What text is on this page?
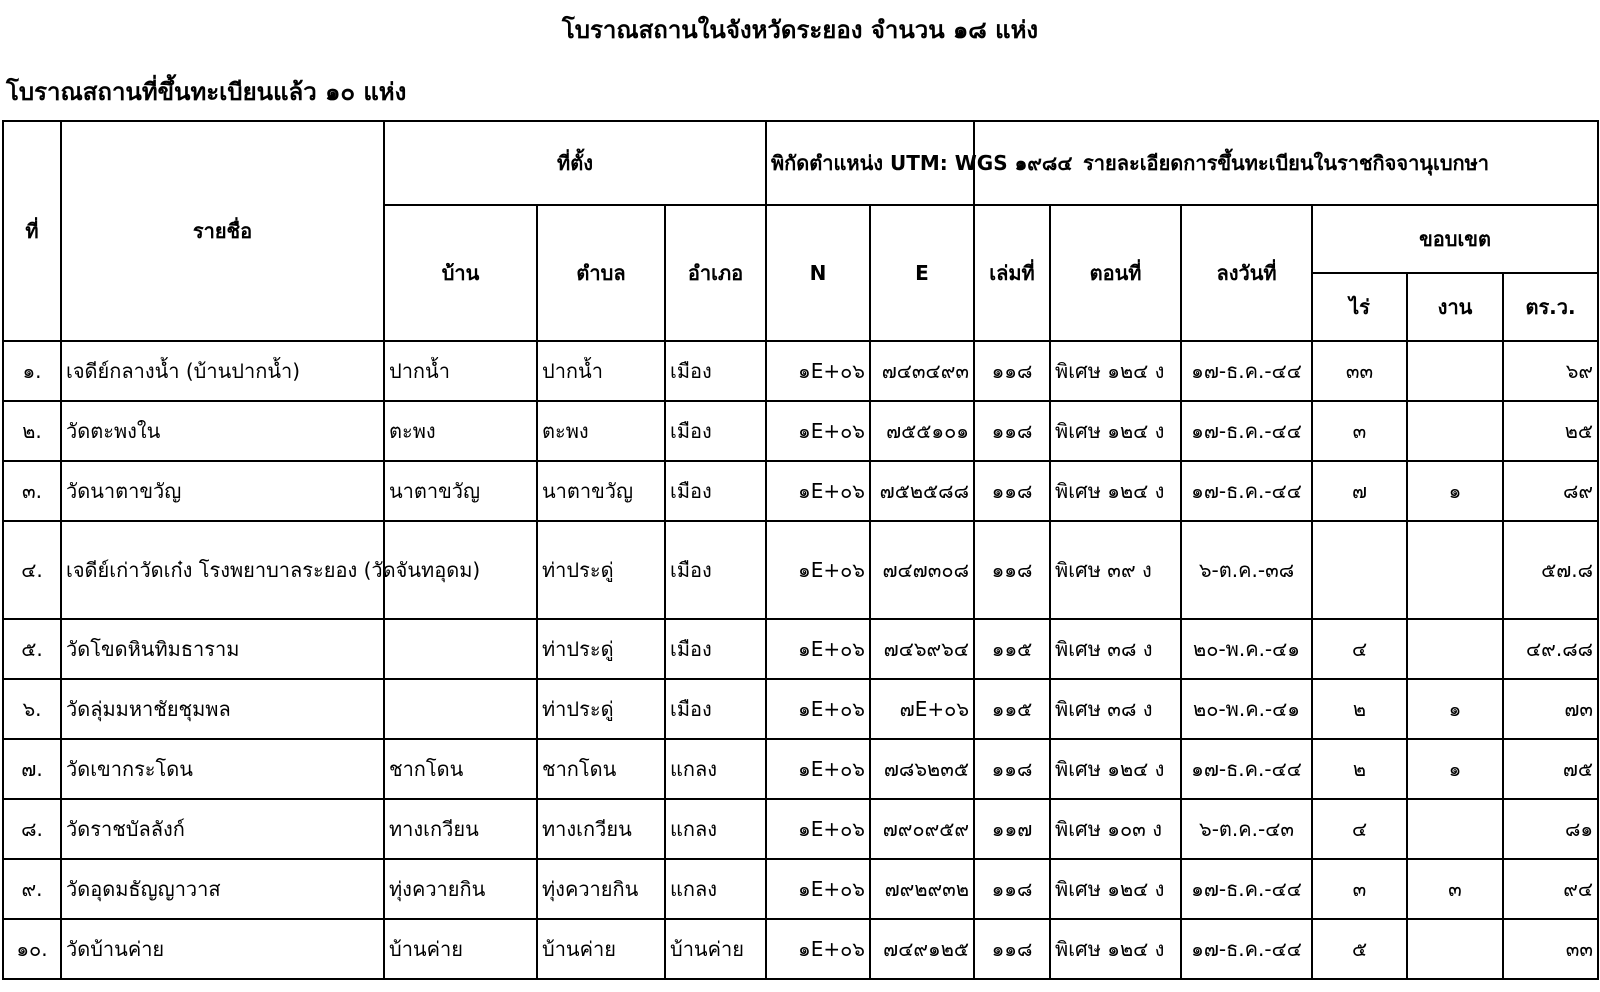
โบราณสถานในจังหวัดระยอง จำนวน ๑๘ แห่ง
โบราณสถานที่ขึ้นทะเบียนแล้ว ๑๐ แห่ง
ที่	รายชื่อ	ที่ตั้ง			พิกัดตำแหน่ง UTM: WGS ๑๙๘๔		รายละเอียดการขึ้นทะเบียนในราชกิจจานุเบกษา					
		บ้าน	ตำบล	อำเภอ	N	E	เล่มที่	ตอนที่	ลงวันที่	ขอบเขต		
										ไร่	งาน	ตร.ว.
๑.	เจดีย์กลางน้ำ (บ้านปากน้ำ)	ปากน้ำ	ปากน้ำ	เมือง	๑E+๐๖	๗๔๓๔๙๓	๑๑๘	พิเศษ ๑๒๔ ง	๑๗-ธ.ค.-๔๔	๓๓		๖๙
๒.	วัดตะพงใน	ตะพง	ตะพง	เมือง	๑E+๐๖	๗๕๕๑๐๑	๑๑๘	พิเศษ ๑๒๔ ง	๑๗-ธ.ค.-๔๔	๓		๒๕
๓.	วัดนาตาขวัญ	นาตาขวัญ	นาตาขวัญ	เมือง	๑E+๐๖	๗๕๒๕๘๘	๑๑๘	พิเศษ ๑๒๔ ง	๑๗-ธ.ค.-๔๔	๗	๑	๘๙
๔.	เจดีย์เก่าวัดเก๋ง โรงพยาบาลระยอง (วัดจันทอุดม)		ท่าประดู่	เมือง	๑E+๐๖	๗๔๗๓๐๘	๑๑๘	พิเศษ ๓๙ ง	๖-ต.ค.-๓๘			๕๗.๘
๕.	วัดโขดหินทิมธาราม		ท่าประดู่	เมือง	๑E+๐๖	๗๔๖๙๖๔	๑๑๕	พิเศษ ๓๘ ง	๒๐-พ.ค.-๔๑	๔		๔๙.๘๘
๖.	วัดลุ่มมหาชัยชุมพล		ท่าประดู่	เมือง	๑E+๐๖	๗E+๐๖	๑๑๕	พิเศษ ๓๘ ง	๒๐-พ.ค.-๔๑	๒	๑	๗๓
๗.	วัดเขากระโดน	ชากโดน	ชากโดน	แกลง	๑E+๐๖	๗๘๖๒๓๕	๑๑๘	พิเศษ ๑๒๔ ง	๑๗-ธ.ค.-๔๔	๒	๑	๗๕
๘.	วัดราชบัลลังก์	ทางเกวียน	ทางเกวียน	แกลง	๑E+๐๖	๗๙๐๙๕๙	๑๑๗	พิเศษ ๑๐๓ ง	๖-ต.ค.-๔๓	๔		๘๑
๙.	วัดอุดมธัญญาวาส	ทุ่งควายกิน	ทุ่งควายกิน	แกลง	๑E+๐๖	๗๙๒๙๓๒	๑๑๘	พิเศษ ๑๒๔ ง	๑๗-ธ.ค.-๔๔	๓	๓	๙๔
๑๐.	วัดบ้านค่าย	บ้านค่าย	บ้านค่าย	บ้านค่าย	๑E+๐๖	๗๔๙๑๒๕	๑๑๘	พิเศษ ๑๒๔ ง	๑๗-ธ.ค.-๔๔	๕		๓๓
